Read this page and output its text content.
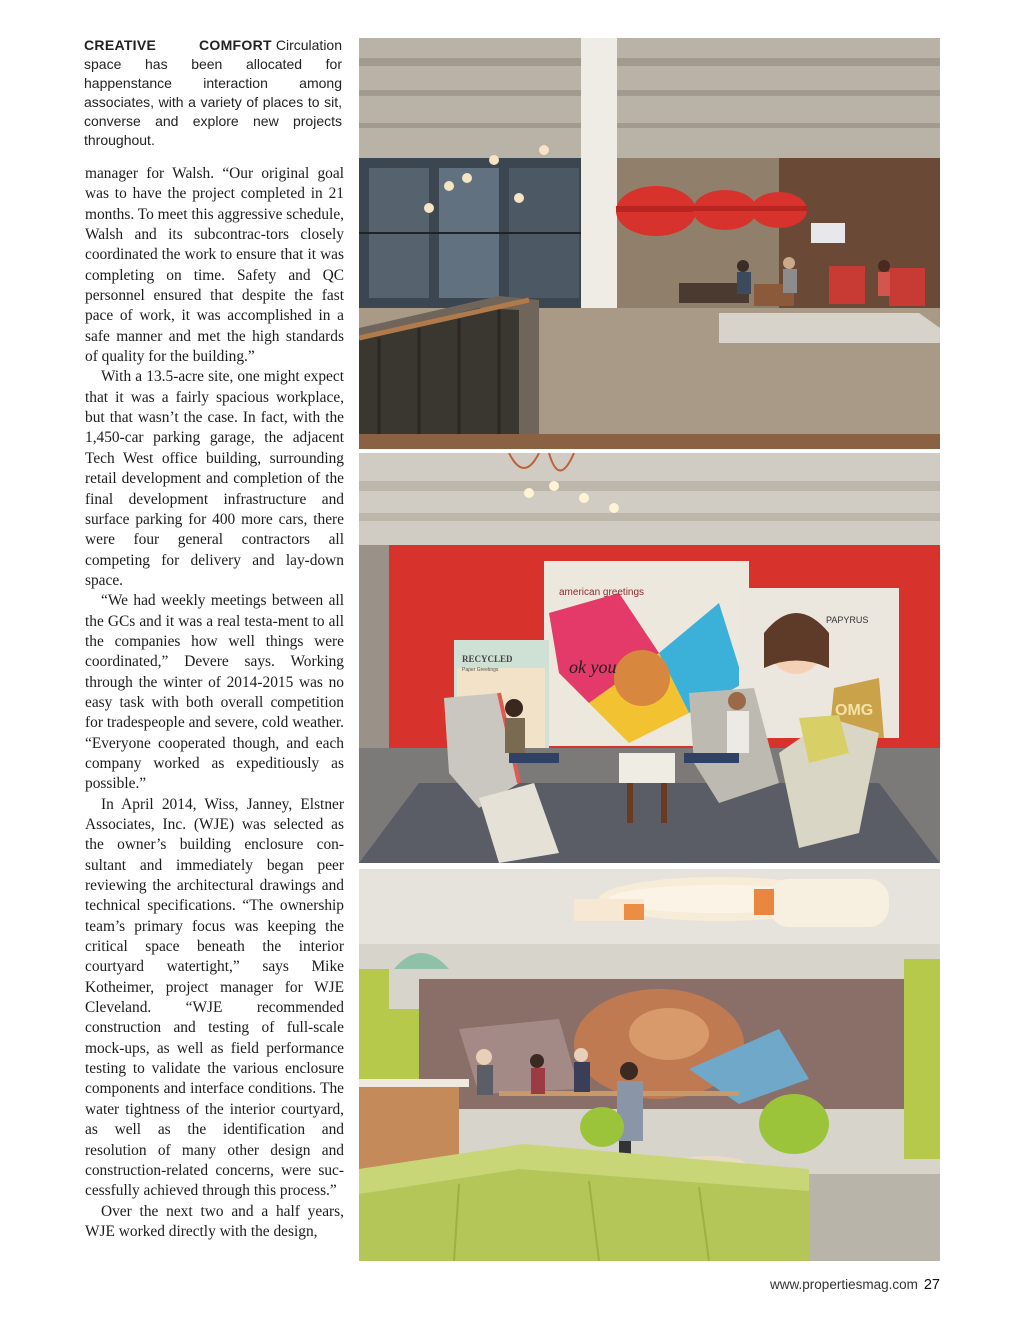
CREATIVE COMFORT Circulation space has been allocated for happenstance interaction among associates, with a variety of places to sit, converse and explore new projects throughout.

manager for Walsh. “Our original goal was to have the project completed in 21 months. To meet this aggressive schedule, Walsh and its subcontrac-tors closely coordinated the work to ensure that it was completing on time. Safety and QC personnel ensured that despite the fast pace of work, it was accomplished in a safe manner and met the high standards of quality for the building.”

With a 13.5-acre site, one might expect that it was a fairly spacious workplace, but that wasn’t the case. In fact, with the 1,450-car parking garage, the adjacent Tech West office building, surrounding retail development and completion of the final development infrastructure and surface parking for 400 more cars, there were four general contractors all competing for delivery and lay-down space.

“We had weekly meetings between all the GCs and it was a real testa-ment to all the companies how well things were coordinated,” Devere says. Working through the winter of 2014-2015 was no easy task with both overall competition for tradespeople and severe, cold weather. “Everyone cooperated though, and each company worked as expeditiously as possible.”

In April 2014, Wiss, Janney, Elstner Associates, Inc. (WJE) was selected as the owner’s building enclosure con-sultant and immediately began peer reviewing the architectural drawings and technical specifications. “The ownership team’s primary focus was keeping the critical space beneath the interior courtyard watertight,” says Mike Kotheimer, project manager for WJE Cleveland. “WJE recommended construction and testing of full-scale mock-ups, as well as field performance testing to validate the various enclosure components and interface conditions. The water tightness of the interior courtyard, as well as the identification and resolution of many other design and construction-related concerns, were suc-cessfully achieved through this process.”

Over the next two and a half years, WJE worked directly with the design,

american greetings
PAPYRUS
OMG
RECYCLED
Paper Greetings	ok you
www.propertiesmag.com 27
